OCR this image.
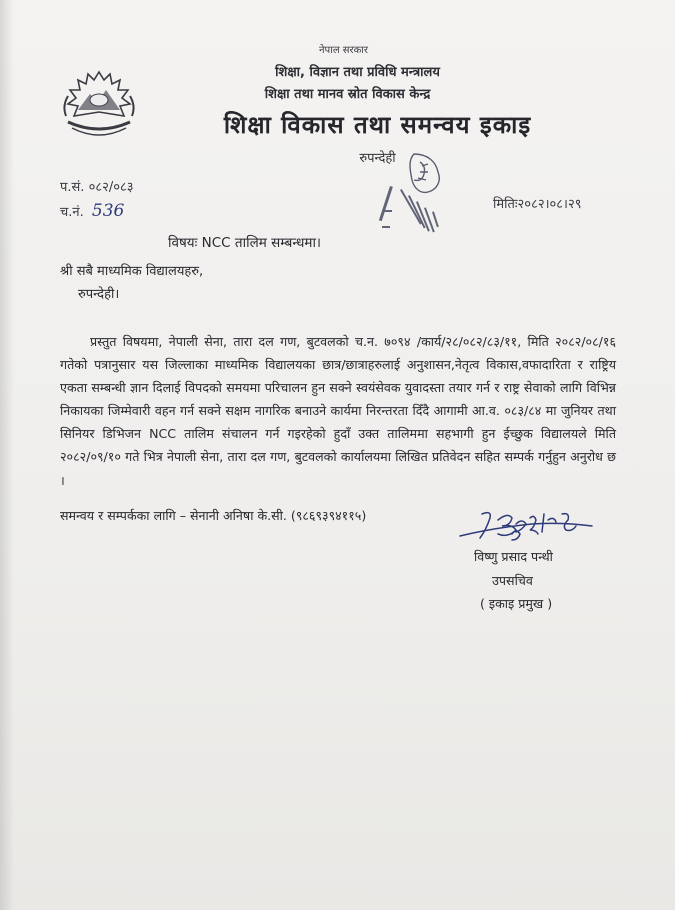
नेपाल सरकार
शिक्षा, विज्ञान तथा प्रविधि मन्त्रालय
शिक्षा तथा मानव स्रोत विकास केन्द्र
शिक्षा विकास तथा समन्वय इकाइ
रुपन्देही
प.सं. ०८२/०८३
च.नं. 536	मितिः२०८२।०८।२९
विषयः NCC तालिम सम्बन्धमा।
श्री सबै माध्यमिक विद्यालयहरु,
रुपन्देही।
प्रस्तुत विषयमा, नेपाली सेना, तारा दल गण, बुटवलको च.न. ७०९४ /कार्य/२८/०८२/८३/११, मिति २०८२/०८/१६ गतेको पत्रानुसार यस जिल्लाका माध्यमिक विद्यालयका छात्र/छात्राहरुलाई अनुशासन,नेतृत्व विकास,वफादारिता र राष्ट्रिय एकता सम्बन्धी ज्ञान दिलाई विपदको समयमा परिचालन हुन सक्ने स्वयंसेवक युवादस्ता तयार गर्न र राष्ट्र सेवाको लागि विभिन्न निकायका जिम्मेवारी वहन गर्न सक्ने सक्षम नागरिक बनाउने कार्यमा निरन्तरता दिँदै आगामी आ.व. ०८३/८४ मा जुनियर तथा सिनियर डिभिजन NCC तालिम संचालन गर्न गइरहेको हुदाँ उक्त तालिममा सहभागी हुन ईच्छुक विद्यालयले मिति २०८२/०९/१० गते भित्र नेपाली सेना, तारा दल गण, बुटवलको कार्यालयमा लिखित प्रतिवेदन सहित सम्पर्क गर्नुहुन अनुरोध छ ।
समन्वय र सम्पर्कका लागि – सेनानी अनिषा के.सी. (९८६९३९४११५)
विष्णु प्रसाद पन्थी
उपसचिव
( इकाइ प्रमुख )
